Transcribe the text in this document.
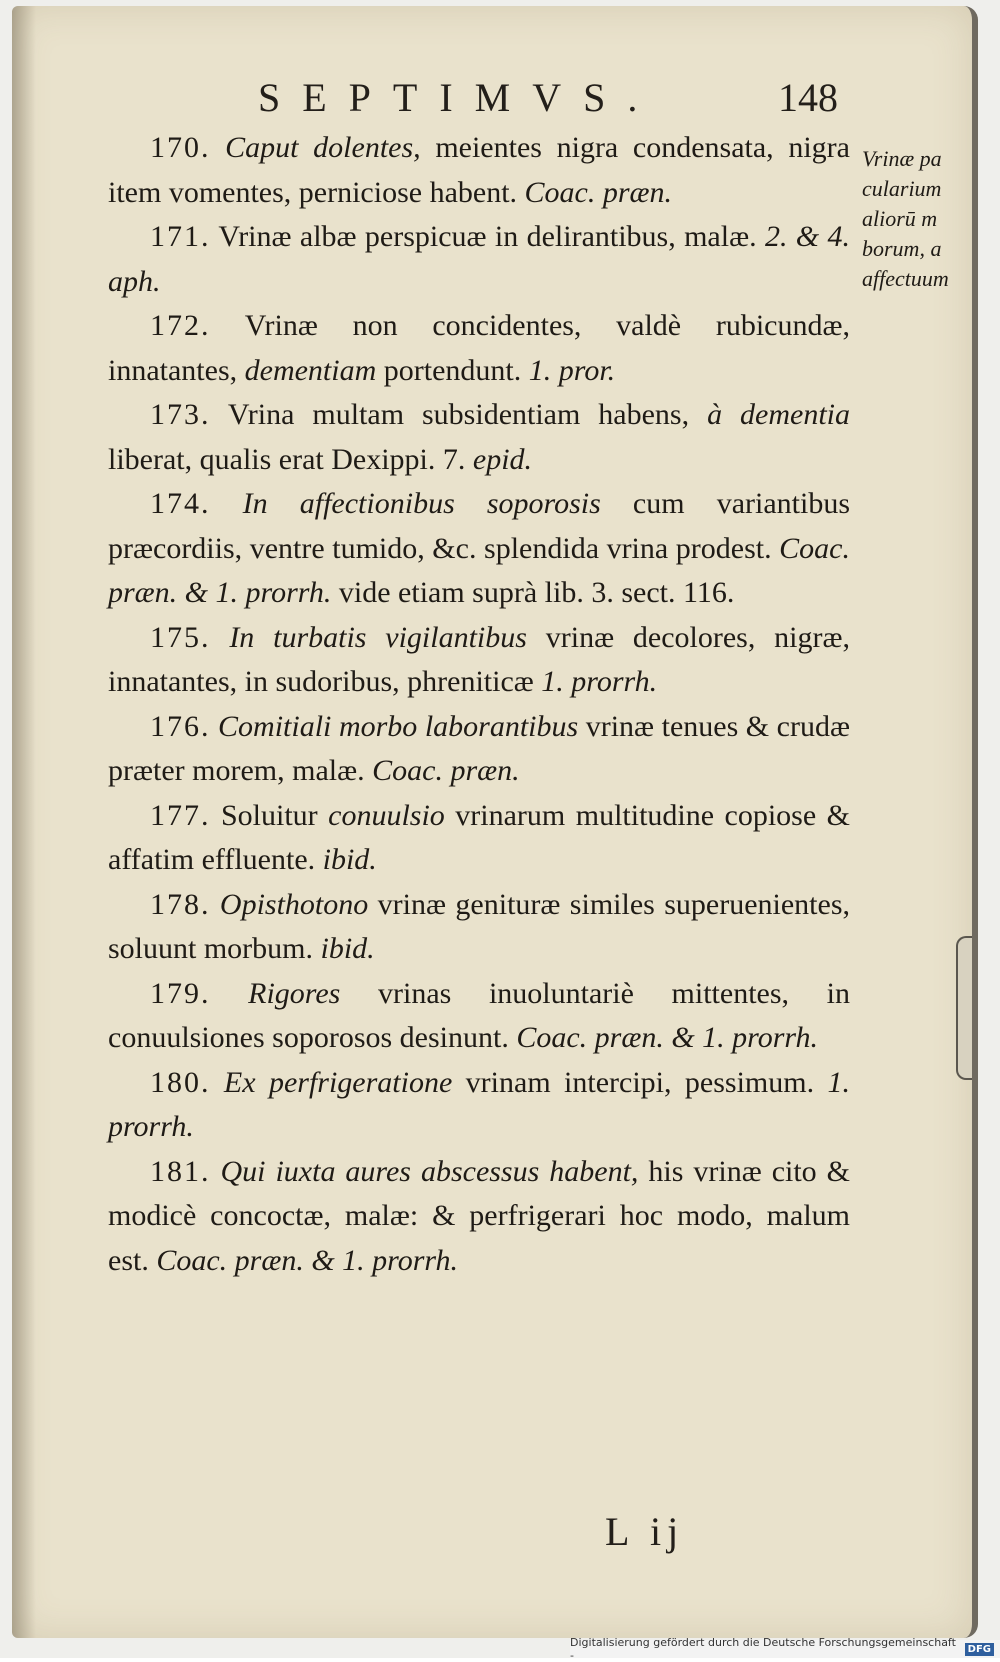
SEPTIMVS.	148
Vrinæ pa
cularium
aliorū m
borum, a
affectuum

170. Caput dolentes, meientes nigra condensata, nigra item vomentes, perniciose habent. Coac. præn.

171. Vrinæ albæ perspicuæ in delirantibus, malæ. 2. & 4. aph.

172. Vrinæ non concidentes, valdè rubicundæ, innatantes, dementiam portendunt. 1. pror.

173. Vrina multam subsidentiam habens, à dementia liberat, qualis erat Dexippi. 7. epid.

174. In affectionibus soporosis cum variantibus præcordiis, ventre tumido, &c. splendida vrina prodest. Coac. præn. & 1. prorrh. vide etiam suprà lib. 3. sect. 116.

175. In turbatis vigilantibus vrinæ decolores, nigræ, innatantes, in sudoribus, phreniticæ 1. prorrh.

176. Comitiali morbo laborantibus vrinæ tenues & crudæ præter morem, malæ. Coac. præn.

177. Soluitur conuulsio vrinarum multitudine copiose & affatim effluente. ibid.

178. Opisthotono vrinæ genituræ similes superuenientes, soluunt morbum. ibid.

179. Rigores vrinas inuoluntariè mittentes, in conuulsiones soporosos desinunt. Coac. præn. & 1. prorrh.

180. Ex perfrigeratione vrinam intercipi, pessimum. 1. prorrh.

181. Qui iuxta aures abscessus habent, his vrinæ cito & modicè concoctæ, malæ: & perfrigerari hoc modo, malum est. Coac. præn. & 1. prorrh.

L ij
Digitalisierung gefördert durch die Deutsche Forschungsgemeinschaft -	DFG
